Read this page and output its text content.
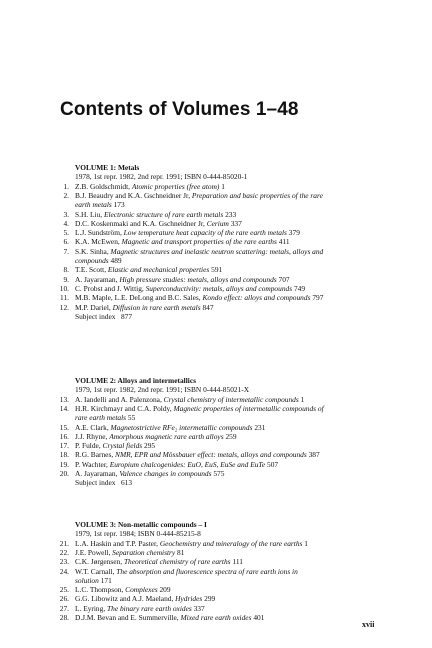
Contents of Volumes 1–48
VOLUME 1: Metals
1978, 1st repr. 1982, 2nd repr. 1991; ISBN 0-444-85020-1
1. Z.B. Goldschmidt, Atomic properties (free atom) 1
2. B.J. Beaudry and K.A. Gschneidner Jr, Preparation and basic properties of the rare
earth metals 173
3. S.H. Liu, Electronic structure of rare earth metals 233
4. D.C. Koskenmaki and K.A. Gschneidner Jr, Cerium 337
5. L.J. Sundström, Low temperature heat capacity of the rare earth metals 379
6. K.A. McEwen, Magnetic and transport properties of the rare earths 411
7. S.K. Sinha, Magnetic structures and inelastic neutron scattering: metals, alloys and
compounds 489
8. T.E. Scott, Elastic and mechanical properties 591
9. A. Jayaraman, High pressure studies: metals, alloys and compounds 707
10. C. Probst and J. Wittig, Superconductivity: metals, alloys and compounds 749
11. M.B. Maple, L.E. DeLong and B.C. Sales, Kondo effect: alloys and compounds 797
12. M.P. Dariel, Diffusion in rare earth metals 847
Subject index   877
VOLUME 2: Alloys and intermetallics
1979, 1st repr. 1982, 2nd repr. 1991; ISBN 0-444-85021-X
13. A. Iandelli and A. Palenzona, Crystal chemistry of intermetallic compounds 1
14. H.R. Kirchmayr and C.A. Poldy, Magnetic properties of intermetallic compounds of
rare earth metals 55
15. A.E. Clark, Magnetostrictive RFe₂ intermetallic compounds 231
16. J.J. Rhyne, Amorphous magnetic rare earth alloys 259
17. P. Fulde, Crystal fields 295
18. R.G. Barnes, NMR, EPR and Mössbauer effect: metals, alloys and compounds 387
19. P. Wachter, Europium chalcogenides: EuO, EuS, EuSe and EuTe 507
20. A. Jayaraman, Valence changes in compounds 575
Subject index   613
VOLUME 3: Non-metallic compounds – I
1979, 1st repr. 1984; ISBN 0-444-85215-8
21. L.A. Haskin and T.P. Paster, Geochemistry and mineralogy of the rare earths 1
22. J.E. Powell, Separation chemistry 81
23. C.K. Jørgensen, Theoretical chemistry of rare earths 111
24. W.T. Carnall, The absorption and fluorescence spectra of rare earth ions in
solution 171
25. L.C. Thompson, Complexes 209
26. G.G. Libowitz and A.J. Maeland, Hydrides 299
27. L. Eyring, The binary rare earth oxides 337
28. D.J.M. Bevan and E. Summerville, Mixed rare earth oxides 401
xvii
